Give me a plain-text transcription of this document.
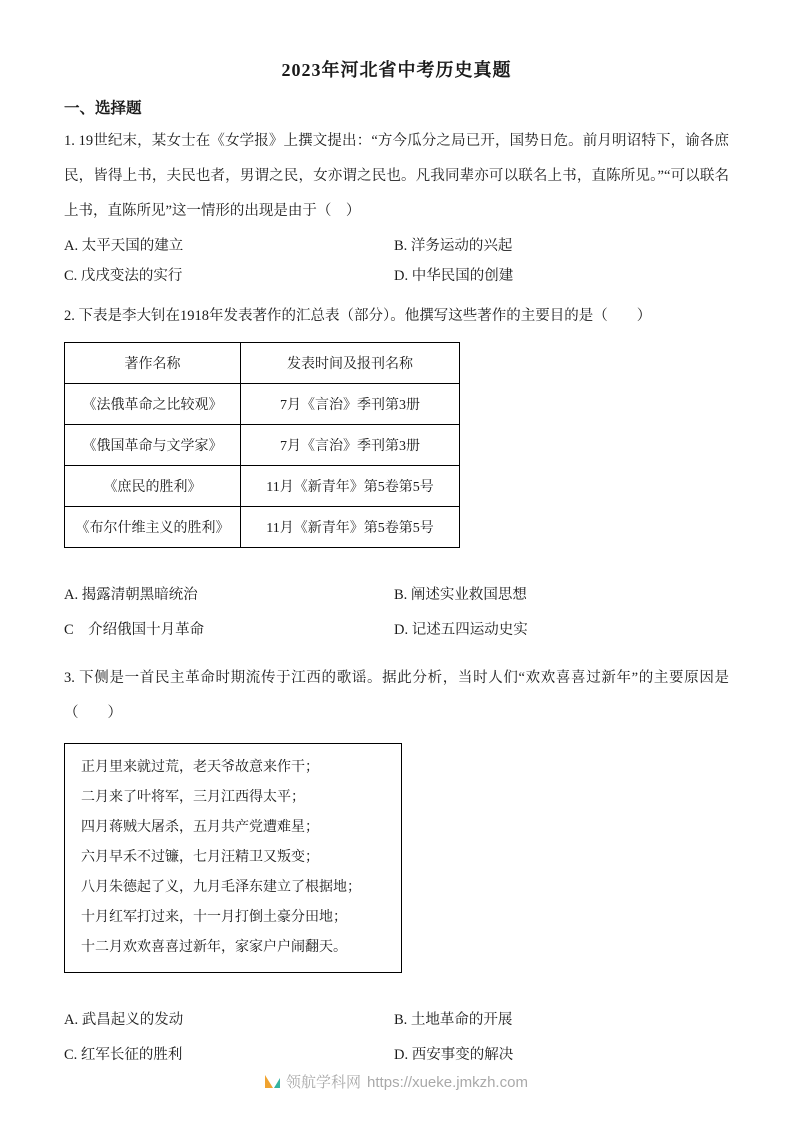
2023年河北省中考历史真题
一、选择题

1. 19世纪末，某女士在《女学报》上撰文提出：“方今瓜分之局已开，国势日危。前月明诏特下，谕各庶民，皆得上书，夫民也者，男谓之民，女亦谓之民也。凡我同辈亦可以联名上书，直陈所见。”“可以联名上书，直陈所见”这一情形的出现是由于（　）

A. 太平天国的建立	B. 洋务运动的兴起
C. 戊戌变法的实行	D. 中华民国的创建

2. 下表是李大钊在1918年发表著作的汇总表（部分）。他撰写这些著作的主要目的是（　　）

著作名称	发表时间及报刊名称
《法俄革命之比较观》	7月《言治》季刊第3册
《俄国革命与文学家》	7月《言治》季刊第3册
《庶民的胜利》	11月《新青年》第5卷第5号
《布尔什维主义的胜利》	11月《新青年》第5卷第5号
A. 揭露清朝黑暗统治	B. 阐述实业救国思想
C　介绍俄国十月革命	D. 记述五四运动史实

3. 下侧是一首民主革命时期流传于江西的歌谣。据此分析，当时人们“欢欢喜喜过新年”的主要原因是（　　）

正月里来就过荒，老天爷故意来作干；

二月来了叶将军，三月江西得太平；

四月蒋贼大屠杀，五月共产党遭难星；

六月早禾不过镰，七月汪精卫又叛变；

八月朱德起了义，九月毛泽东建立了根据地；

十月红军打过来，十一月打倒土豪分田地；

十二月欢欢喜喜过新年，家家户户闹翻天。

A. 武昌起义的发动	B. 土地革命的开展
C. 红军长征的胜利	D. 西安事变的解决
领航学科网 https://xueke.jmkzh.com
